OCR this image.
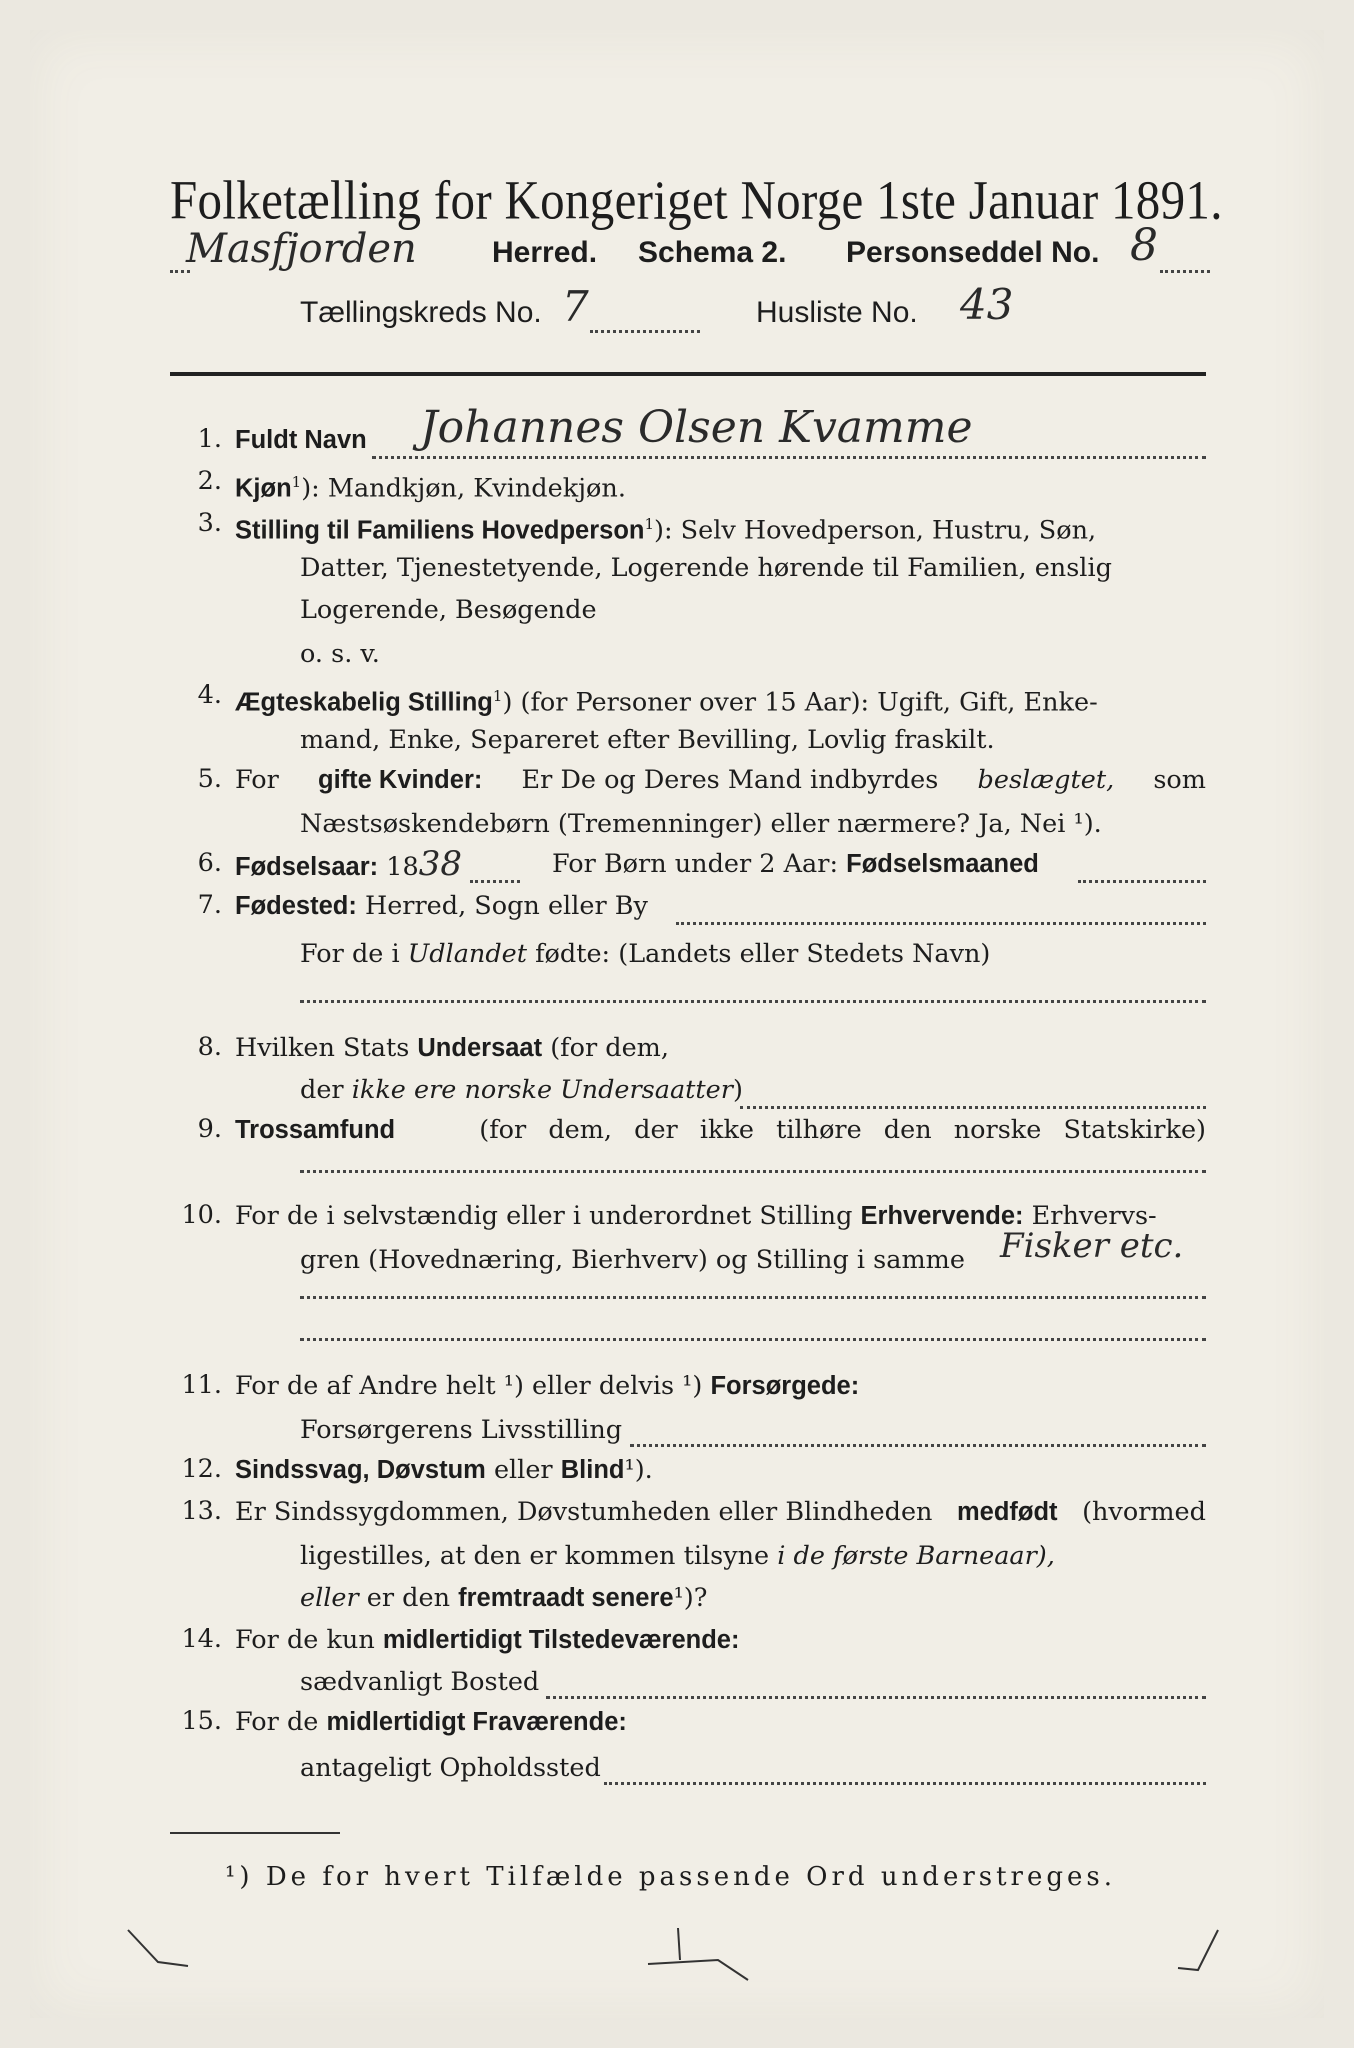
Folketælling for Kongeriget Norge 1ste Januar 1891.
Masfjorden	Herred. Schema 2. Personseddel No. 8
Tællingskreds No. 7	Husliste No. 43
1. Fuldt Navn Johannes Olsen Kvamme
2. Kjøn$^1$): Mandkjøn, Kvindekjøn.
3. Stilling til Familiens Hovedperson$^1$): Selv Hovedperson, Hustru, Søn,
Datter, Tjenestetyende, Logerende hørende til Familien, enslig
Logerende, Besøgende
o. s. v.
4. Ægteskabelig Stilling$^1$) (for Personer over 15 Aar): Ugift, Gift, Enke-
mand, Enke, Separeret efter Bevilling, Lovlig fraskilt.
5. For gifte Kvinder: Er De og Deres Mand indbyrdes beslægtet, som
Næstsøskendebørn (Tremenninger) eller nærmere? Ja, Nei ¹).
6. Fødselsaar: 1838	For Børn under 2 Aar: Fødselsmaaned
7. Fødested: Herred, Sogn eller By
For de i Udlandet fødte: (Landets eller Stedets Navn)
8. Hvilken Stats Undersaat (for dem,
der ikke ere norske Undersaatter)
9. Trossamfund	(for dem, der ikke tilhøre den norske Statskirke)
10. For de i selvstændig eller i underordnet Stilling Erhvervende: Erhvervs-
gren (Hovednæring, Bierhverv) og Stilling i samme Fisker etc.
11. For de af Andre helt ¹) eller delvis ¹) Forsørgede:
Forsørgerens Livsstilling
12. Sindssvag, Døvstum eller Blind¹).
13. Er Sindssygdommen, Døvstumheden eller Blindheden medfødt (hvormed
ligestilles, at den er kommen tilsyne i de første Barneaar),
eller er den fremtraadt senere¹)?
14. For de kun midlertidigt Tilstedeværende:
sædvanligt Bosted
15. For de midlertidigt Fraværende:
antageligt Opholdssted
¹) De for hvert Tilfælde passende Ord understreges.
